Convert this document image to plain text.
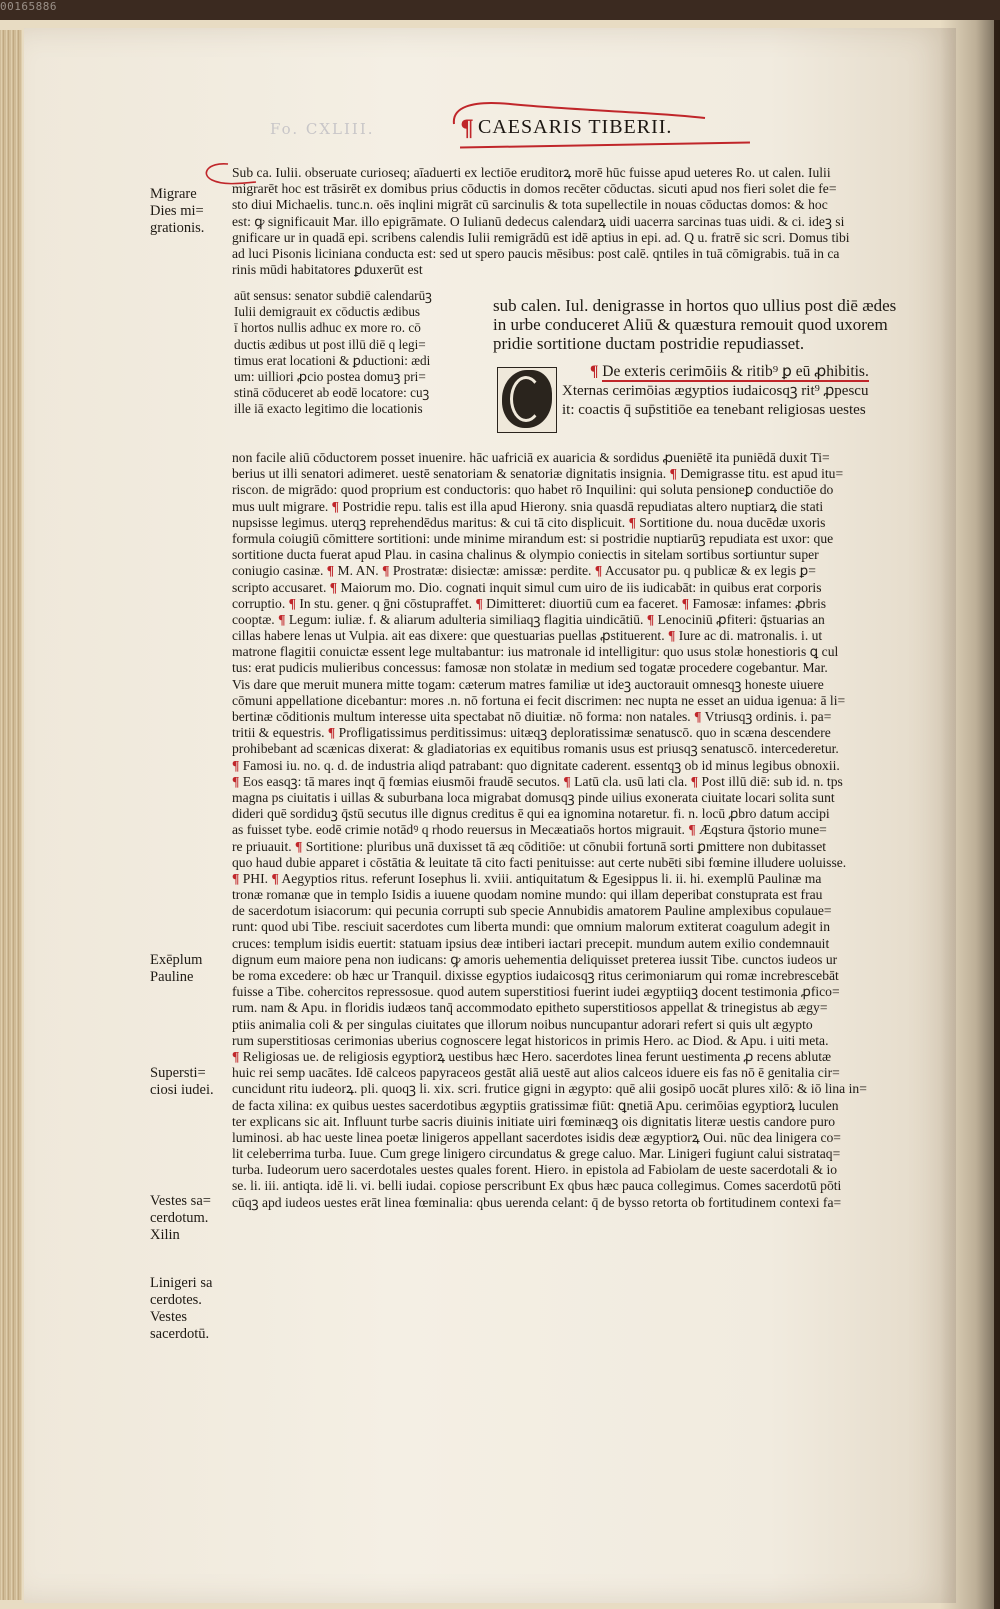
00165886
Fo. CXLIII.	¶ CAESARIS TIBERII.
Sub ca. Iulii. obseruate curioseq; aīaduerti ex lectiōe eruditorꝝ morē hūc fuisse apud ueteres Ro. ut calen. Iulii
migrarēt hoc est trāsirēt ex domibus prius cōductis in domos recēter cōductas. sicuti apud nos fieri solet die fe=
sto diui Michaelis. tunc.n. oēs inqlini migrāt cū sarcinulis & tota supellectile in nouas cōductas domos: & hoc
est: ꝙ significauit Mar. illo epigrāmate. O Iulianū dedecus calendarꝝ uidi uacerra sarcinas tuas uidi. & ci. ideꝫ si
gnificare ur in quadā epi. scribens calendis Iulii remigrādū est idē aptius in epi. ad. Q u. fratrē sic scri. Domus tibi
ad luci Pisonis liciniana conducta est: sed ut spero paucis mēsibus: post calē. qntiles in tuā cōmigrabis. tuā in ca
rinis mūdi habitatores ꝑduxerūt est
aūt sensus: senator subdiē calendarūꝫ
Iulii demigrauit ex cōductis ædibus
ī hortos nullis adhuc ex more ro. cō
ductis ædibus ut post illū diē q legi=
timus erat locationi & ꝑductioni: ædi
um: uilliori ꝓcio postea domuꝫ pri=
stinā cōduceret ab eodē locatore: cuꝫ
ille iā exacto legitimo die locationis
sub calen. Iul. denigrasse in hortos quo ullius post diē ædes
in urbe conduceret Aliū & quæstura remouit quod uxorem
pridie sortitione ductam postridie repudiasset.
¶ De exteris cerimōiis & ritib⁹ ꝑ eū ꝓhibitis.
Xternas cerimōias ægyptios iudaicosqꝫ rit⁹ ꝓpescu
it: coactis q̄ sup̄stitiōe ea tenebant religiosas uestes
non facile aliū cōductorem posset inuenire. hāc uafriciā ex auaricia & sordidus ꝓueniētē ita puniēdā duxit Ti=
berius ut illi senatori adimeret. uestē senatoriam & senatoriæ dignitatis insignia. ¶ Demigrasse titu. est apud itu=
riscon. de migrādo: quod proprium est conductoris: quo habet rō Inquilini: qui soluta pensioneꝑ conductiōe do
mus uult migrare. ¶ Postridie repu. talis est illa apud Hierony. snia quasdā repudiatas altero nuptiarꝝ die stati
nupsisse legimus. uterqꝫ reprehendēdus maritus: & cui tā cito displicuit. ¶ Sortitione du. noua ducēdæ uxoris
formula coiugiū cōmittere sortitioni: unde minime mirandum est: si postridie nuptiarūꝫ repudiata est uxor: que
sortitione ducta fuerat apud Plau. in casina chalinus & olympio coniectis in sitelam sortibus sortiuntur super
coniugio casinæ. ¶ M. AN. ¶ Prostratæ: disiectæ: amissæ: perdite. ¶ Accusator pu. q publicæ & ex legis ꝑ=
scripto accusaret. ¶ Maiorum mo. Dio. cognati inquit simul cum uiro de iis iudicabāt: in quibus erat corporis
corruptio. ¶ In stu. gener. q ḡni cōstupraffet. ¶ Dimitteret: diuortiū cum ea faceret. ¶ Famosæ: infames: ꝓbris
cooptæ. ¶ Legum: iuliæ. f. & aliarum adulteria similiaqꝫ flagitia uindicātiū. ¶ Lenociniū ꝓfiteri: q̄stuarias an
cillas habere lenas ut Vulpia. ait eas dixere: que questuarias puellas ꝓstituerent. ¶ Iure ac di. matronalis. i. ut
matrone flagitii conuictæ essent lege multabantur: ius matronale id intelligitur: quo usus stolæ honestioris ꝗ cul
tus: erat pudicis mulieribus concessus: famosæ non stolatæ in medium sed togatæ procedere cogebantur. Mar.
Vis dare que meruit munera mitte togam: cæterum matres familiæ ut ideꝫ auctorauit omnesqꝫ honeste uiuere
cōmuni appellatione dicebantur: mores .n. nō fortuna ei fecit discrimen: nec nupta ne esset an uidua igenua: ā li=
bertinæ cōditionis multum interesse uita spectabat nō diuitiæ. nō forma: non natales. ¶ Vtriusqꝫ ordinis. i. pa=
tritii & equestris. ¶ Profligatissimus perditissimus: uitæqꝫ deploratissimæ senatuscō. quo in scæna descendere
prohibebant ad scænicas dixerat: & gladiatorias ex equitibus romanis usus est priusqꝫ senatuscō. intercederetur.
¶ Famosi iu. no. q. d. de industria aliqd patrabant: quo dignitate caderent. essentqꝫ ob id minus legibus obnoxii.
¶ Eos easqꝫ: tā mares inqt q̄ fœmias eiusmōi fraudē secutos. ¶ Latū cla. usū lati cla. ¶ Post illū diē: sub id. n. tps
magna ps ciuitatis i uillas & suburbana loca migrabat domusqꝫ pinde uilius exonerata ciuitate locari solita sunt
dideri quē sordiduꝫ q̄stū secutus ille dignus creditus ē qui ea ignomina notaretur. fi. n. locū ꝓbro datum accipi
as fuisset tybe. eodē crimie notādꝰ q rhodo reuersus in Mecæatiaōs hortos migrauit. ¶ Æqstura q̄storio mune=
re priuauit. ¶ Sortitione: pluribus unā duxisset tā æq cōditiōe: ut cōnubii fortunā sorti ꝑmittere non dubitasset
quo haud dubie apparet i cōstātia & leuitate tā cito facti penituisse: aut certe nubēti sibi fœmine illudere uoluisse.
¶ PHI. ¶ Aegyptios ritus. referunt Iosephus li. xviii. antiquitatum & Egesippus li. ii. hi. exemplū Paulinæ ma
tronæ romanæ que in templo Isidis a iuuene quodam nomine mundo: qui illam deperibat constuprata est frau
de sacerdotum isiacorum: qui pecunia corrupti sub specie Annubidis amatorem Pauline amplexibus copulaue=
runt: quod ubi Tibe. resciuit sacerdotes cum liberta mundi: que omnium malorum extiterat coagulum adegit in
cruces: templum isidis euertit: statuam ipsius deæ intiberi iactari precepit. mundum autem exilio condemnauit
dignum eum maiore pena non iudicans: ꝙ amoris uehementia deliquisset preterea iussit Tibe. cunctos iudeos ur
be roma excedere: ob hæc ur Tranquil. dixisse egyptios iudaicosqꝫ ritus cerimoniarum qui romæ increbrescebāt
fuisse a Tibe. cohercitos repressosue. quod autem superstitiosi fuerint iudei ægyptiiqꝫ docent testimonia ꝓfico=
rum. nam & Apu. in floridis iudæos tanq̄ accommodato epitheto superstitiosos appellat & trinegistus ab ægy=
ptiis animalia coli & per singulas ciuitates que illorum noibus nuncupantur adorari refert si quis ult ægypto
rum superstitiosas cerimonias uberius cognoscere legat historicos in primis Hero. ac Diod. & Apu. i uiti meta.
¶ Religiosas ue. de religiosis egyptiorꝝ uestibus hæc Hero. sacerdotes linea ferunt uestimenta ꝓ recens ablutæ
huic rei semp uacātes. Idē calceos papyraceos gestāt aliā uestē aut alios calceos iduere eis fas nō ē genitalia cir=
cuncidunt ritu iudeorꝝ. pli. quoqꝫ li. xix. scri. frutice gigni in ægypto: quē alii gosipō uocāt plures xilō: & iō lina in=
de facta xilina: ex quibus uestes sacerdotibus ægyptiis gratissimæ fiūt: ꝗnetiā Apu. cerimōias egyptiorꝝ luculen
ter explicans sic ait. Influunt turbe sacris diuinis initiate uiri fœminæqꝫ ois dignitatis literæ uestis candore puro
luminosi. ab hac ueste linea poetæ linigeros appellant sacerdotes isidis deæ ægyptiorꝝ Oui. nūc dea linigera co=
lit celeberrima turba. Iuue. Cum grege linigero circundatus & grege caluo. Mar. Linigeri fugiunt calui sistrataq=
turba. Iudeorum uero sacerdotales uestes quales forent. Hiero. in epistola ad Fabiolam de ueste sacerdotali & io
se. li. iii. antiqta. idē li. vi. belli iudai. copiose perscribunt Ex qbus hæc pauca collegimus. Comes sacerdotū pōti
cūqꝫ apd iudeos uestes erāt linea fœminalia: qbus uerenda celant: q̄ de bysso retorta ob fortitudinem contexi fa=
Migrare
Dies mi=
grationis.
Exēplum
Pauline
Supersti=
ciosi iudei.
Vestes sa=
cerdotum.
Xilin
Linigeri sa
cerdotes.
Vestes
sacerdotū.
